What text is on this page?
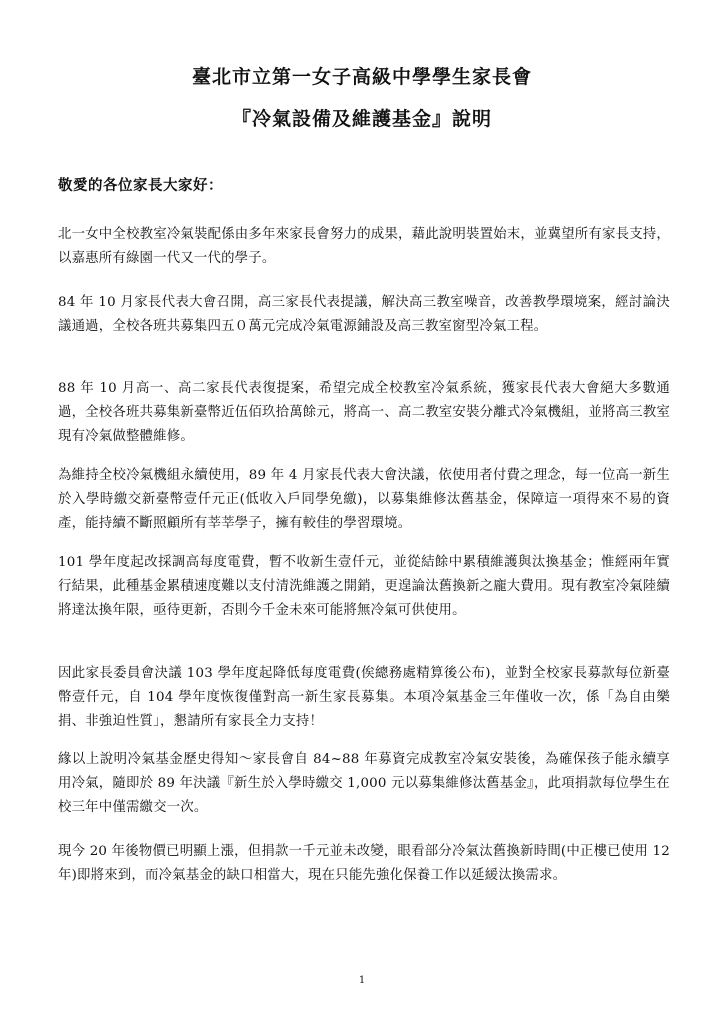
臺北市立第一女子高級中學學生家長會
『冷氣設備及維護基金』說明
敬愛的各位家長大家好：

北一女中全校教室冷氣裝配係由多年來家長會努力的成果，藉此說明裝置始末，並冀望所有家長支持，以嘉惠所有綠園一代又一代的學子。

84 年 10 月家長代表大會召開，高三家長代表提議，解決高三教室噪音，改善教學環境案，經討論決議通過，全校各班共募集四五０萬元完成冷氣電源鋪設及高三教室窗型冷氣工程。

88 年 10 月高一、高二家長代表復提案，希望完成全校教室冷氣系統，獲家長代表大會絕大多數通過，全校各班共募集新臺幣近伍佰玖拾萬餘元，將高一、高二教室安裝分離式冷氣機組，並將高三教室現有冷氣做整體維修。

為維持全校冷氣機組永續使用，89 年 4 月家長代表大會決議，依使用者付費之理念，每一位高一新生於入學時繳交新臺幣壹仟元正(低收入戶同學免繳)，以募集維修汰舊基金，保障這一項得來不易的資產，能持續不斷照顧所有莘莘學子，擁有較佳的學習環境。

101 學年度起改採調高每度電費，暫不收新生壹仟元，並從結餘中累積維護與汰換基金；惟經兩年實行結果，此種基金累積速度難以支付清洗維護之開銷，更遑論汰舊換新之龐大費用。現有教室冷氣陸續將達汰換年限，亟待更新，否則今千金未來可能將無冷氣可供使用。

因此家長委員會決議 103 學年度起降低每度電費(俟總務處精算後公布)，並對全校家長募款每位新臺幣壹仟元，自 104 學年度恢復僅對高一新生家長募集。本項冷氣基金三年僅收一次，係「為自由樂捐、非強迫性質」，懇請所有家長全力支持！

緣以上說明冷氣基金歷史得知～家長會自 84~88 年募資完成教室冷氣安裝後，為確保孩子能永續享用冷氣，隨即於 89 年決議『新生於入學時繳交 1,000 元以募集維修汰舊基金』，此項捐款每位學生在校三年中僅需繳交一次。

現今 20 年後物價已明顯上漲，但捐款一千元並未改變，眼看部分冷氣汰舊換新時間(中正樓已使用 12 年)即將來到，而冷氣基金的缺口相當大，現在只能先強化保養工作以延緩汰換需求。

1
